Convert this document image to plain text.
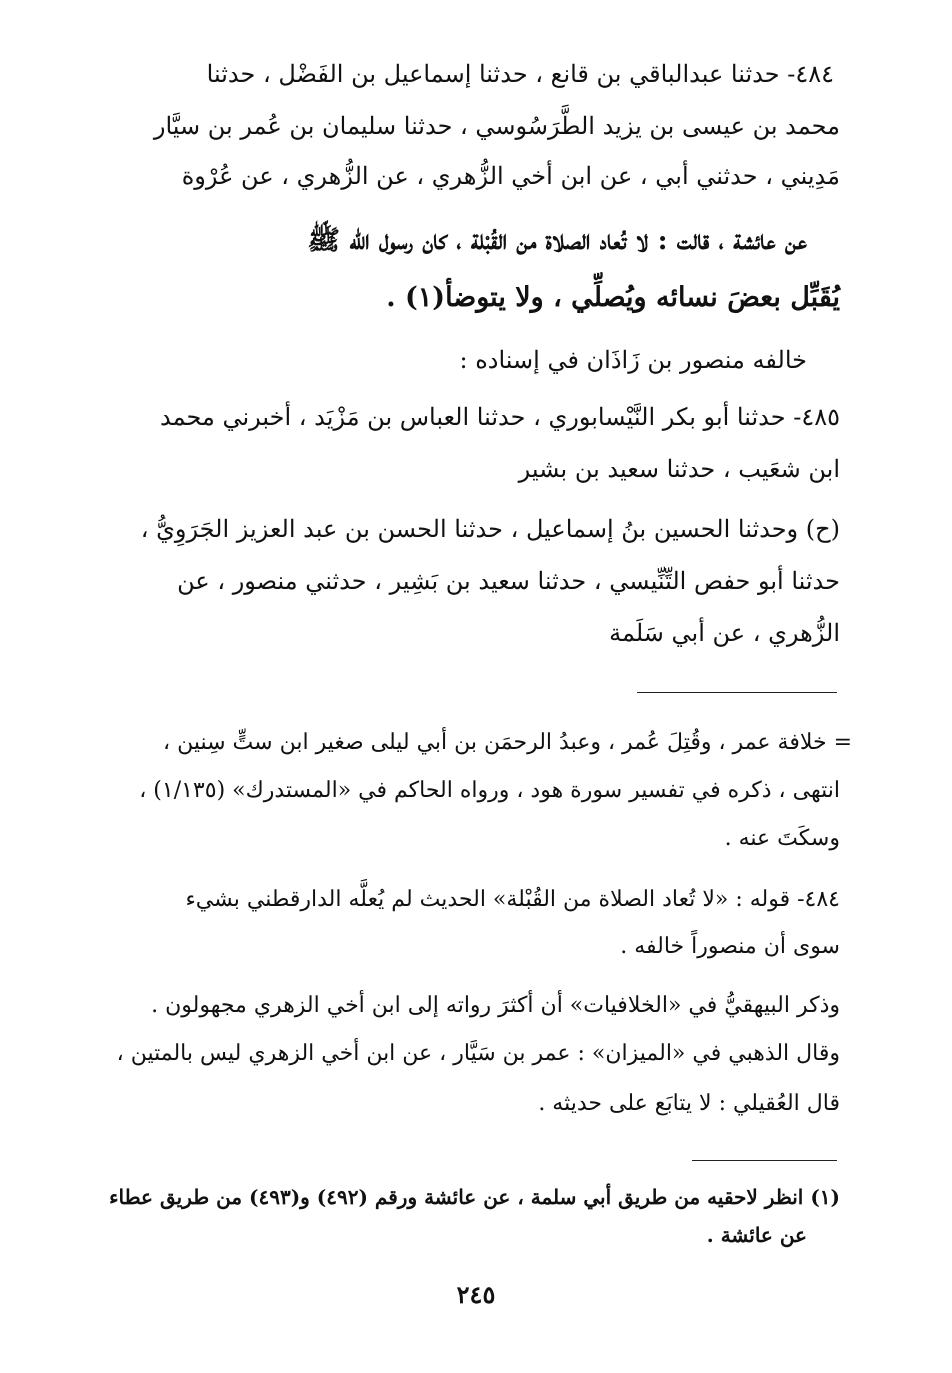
٤٨٤- حدثنا عبدالباقي بن قانع ، حدثنا إسماعيل بن الفَضْل ، حدثنا
محمد بن عيسى بن يزيد الطَّرَسُوسي ، حدثنا سليمان بن عُمر بن سيَّار
مَدِيني ، حدثني أبي ، عن ابن أخي الزُّهري ، عن الزُّهري ، عن عُرْوة
عن عائشة ، قالت : لا تُعاد الصلاة من القُبْلة ، كان رسول الله ﷺ
يُقَبِّل بعضَ نسائه ويُصلِّي ، ولا يتوضأ(١) .
خالفه منصور بن زَاذَان في إسناده :
٤٨٥- حدثنا أبو بكر النَّيْسابوري ، حدثنا العباس بن مَزْيَد ، أخبرني محمد
ابن شعَيب ، حدثنا سعيد بن بشير
(ح) وحدثنا الحسين بنُ إسماعيل ، حدثنا الحسن بن عبد العزيز الجَرَوِيُّ ،
حدثنا أبو حفص التِّنِّيسي ، حدثنا سعيد بن بَشِير ، حدثني منصور ، عن
الزُّهري ، عن أبي سَلَمة
= خلافة عمر ، وقُتِلَ عُمر ، وعبدُ الرحمَن بن أبي ليلى صغير ابن ستٍّ سِنين ،
انتهى ، ذكره في تفسير سورة هود ، ورواه الحاكم في «المستدرك» (١/١٣٥) ،
وسكَتَ عنه .
٤٨٤- قوله : «لا تُعاد الصلاة من القُبْلة» الحديث لم يُعلَّه الدارقطني بشيء
سوى أن منصوراً خالفه .
وذكر البيهقيُّ في «الخلافيات» أن أكثرَ رواته إلى ابن أخي الزهري مجهولون .
وقال الذهبي في «الميزان» : عمر بن سَيَّار ، عن ابن أخي الزهري ليس بالمتين ،
قال العُقيلي : لا يتابَع على حديثه .
(١) انظر لاحقيه من طريق أبي سلمة ، عن عائشة ورقم (٤٩٢) و(٤٩٣) من طريق عطاء
عن عائشة .
٢٤٥
